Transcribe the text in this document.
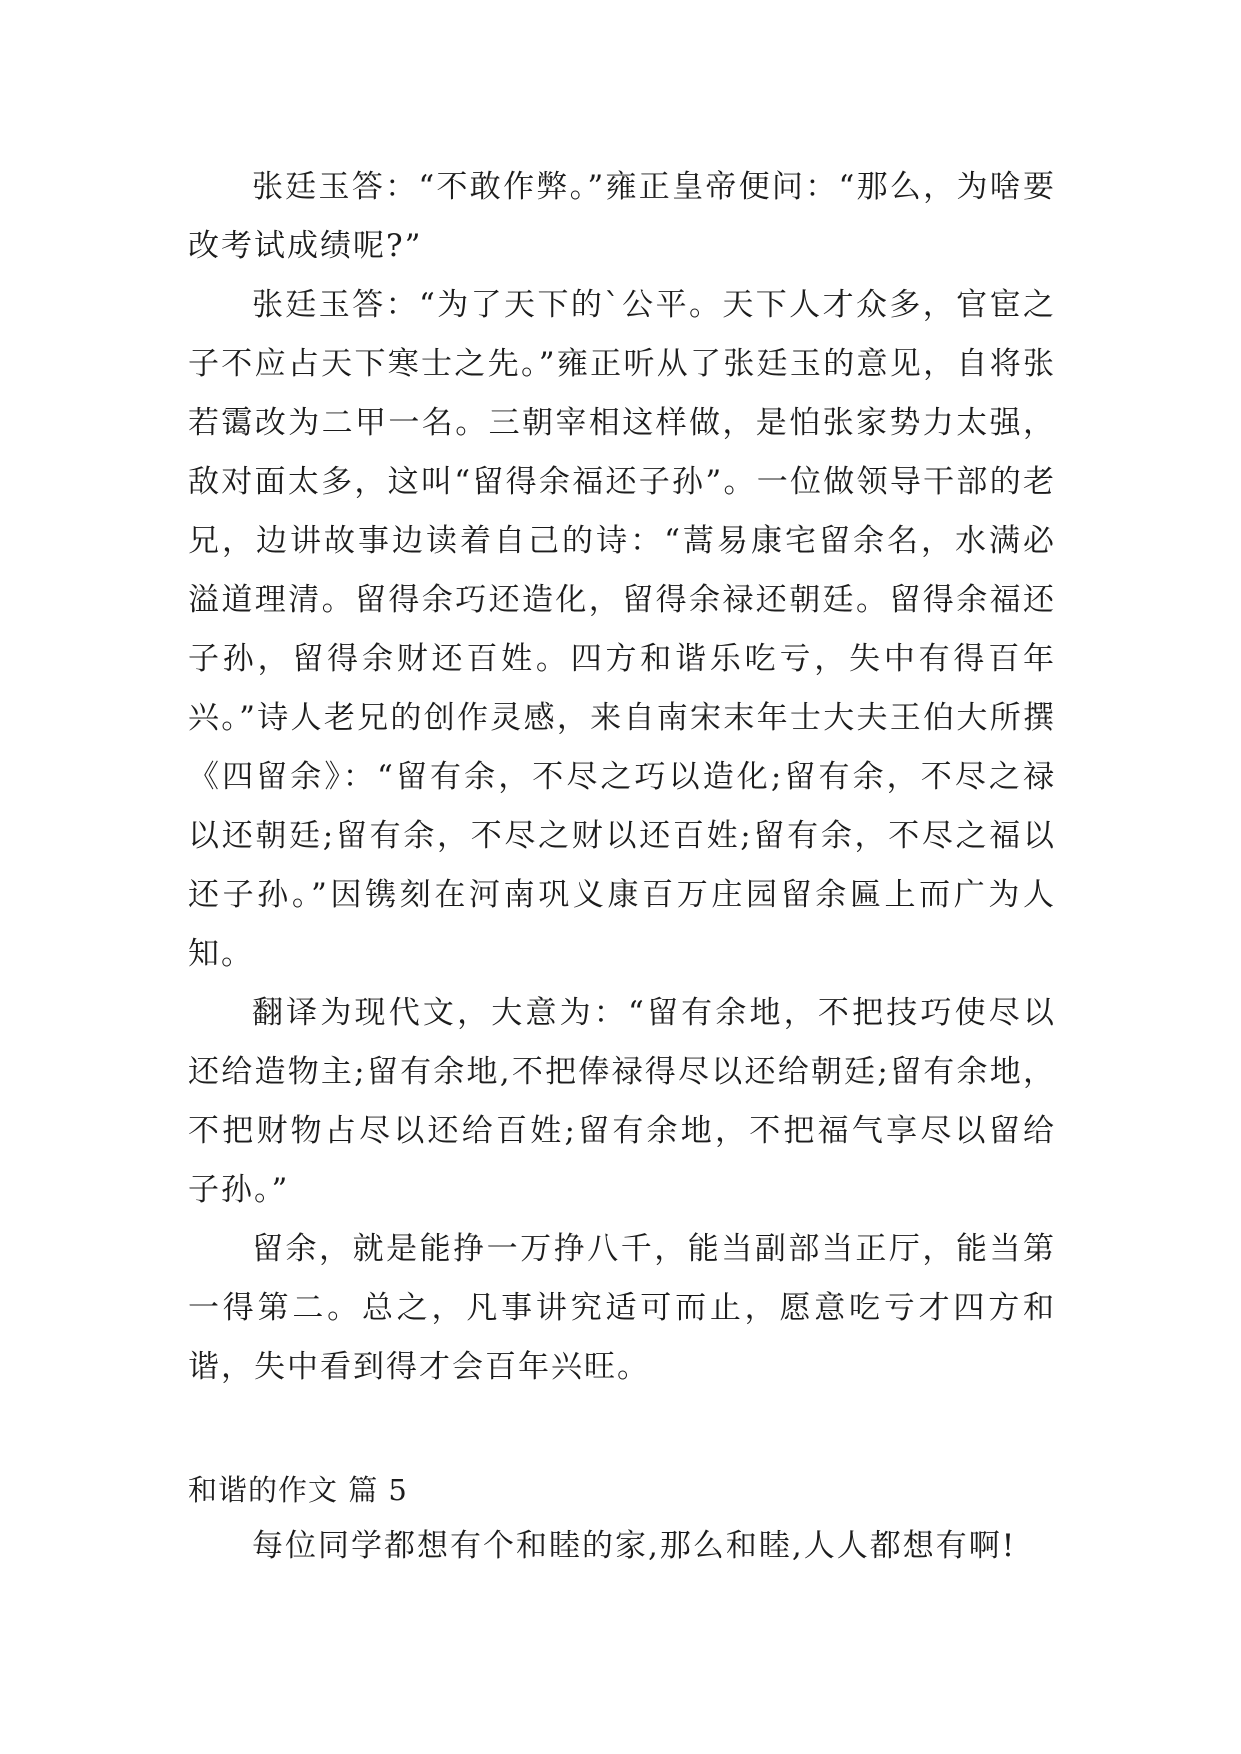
张廷玉答：“不敢作弊。”雍正皇帝便问：“那么，为啥要改考试成绩呢?”

张廷玉答：“为了天下的`公平。天下人才众多，官宦之子不应占天下寒士之先。”雍正听从了张廷玉的意见，自将张若霭改为二甲一名。三朝宰相这样做，是怕张家势力太强，敌对面太多，这叫“留得余福还子孙”。一位做领导干部的老兄，边讲故事边读着自己的诗：“蒿易康宅留余名，水满必溢道理清。留得余巧还造化，留得余禄还朝廷。留得余福还子孙，留得余财还百姓。四方和谐乐吃亏，失中有得百年兴。”诗人老兄的创作灵感，来自南宋末年士大夫王伯大所撰《四留余》：“留有余，不尽之巧以造化;留有余，不尽之禄以还朝廷;留有余，不尽之财以还百姓;留有余，不尽之福以还子孙。”因镌刻在河南巩义康百万庄园留余匾上而广为人知。

翻译为现代文，大意为：“留有余地，不把技巧使尽以还给造物主;留有余地,不把俸禄得尽以还给朝廷;留有余地，不把财物占尽以还给百姓;留有余地，不把福气享尽以留给子孙。”

留余，就是能挣一万挣八千，能当副部当正厅，能当第一得第二。总之，凡事讲究适可而止，愿意吃亏才四方和谐，失中看到得才会百年兴旺。

和谐的作文 篇 5

每位同学都想有个和睦的家,那么和睦,人人都想有啊!
